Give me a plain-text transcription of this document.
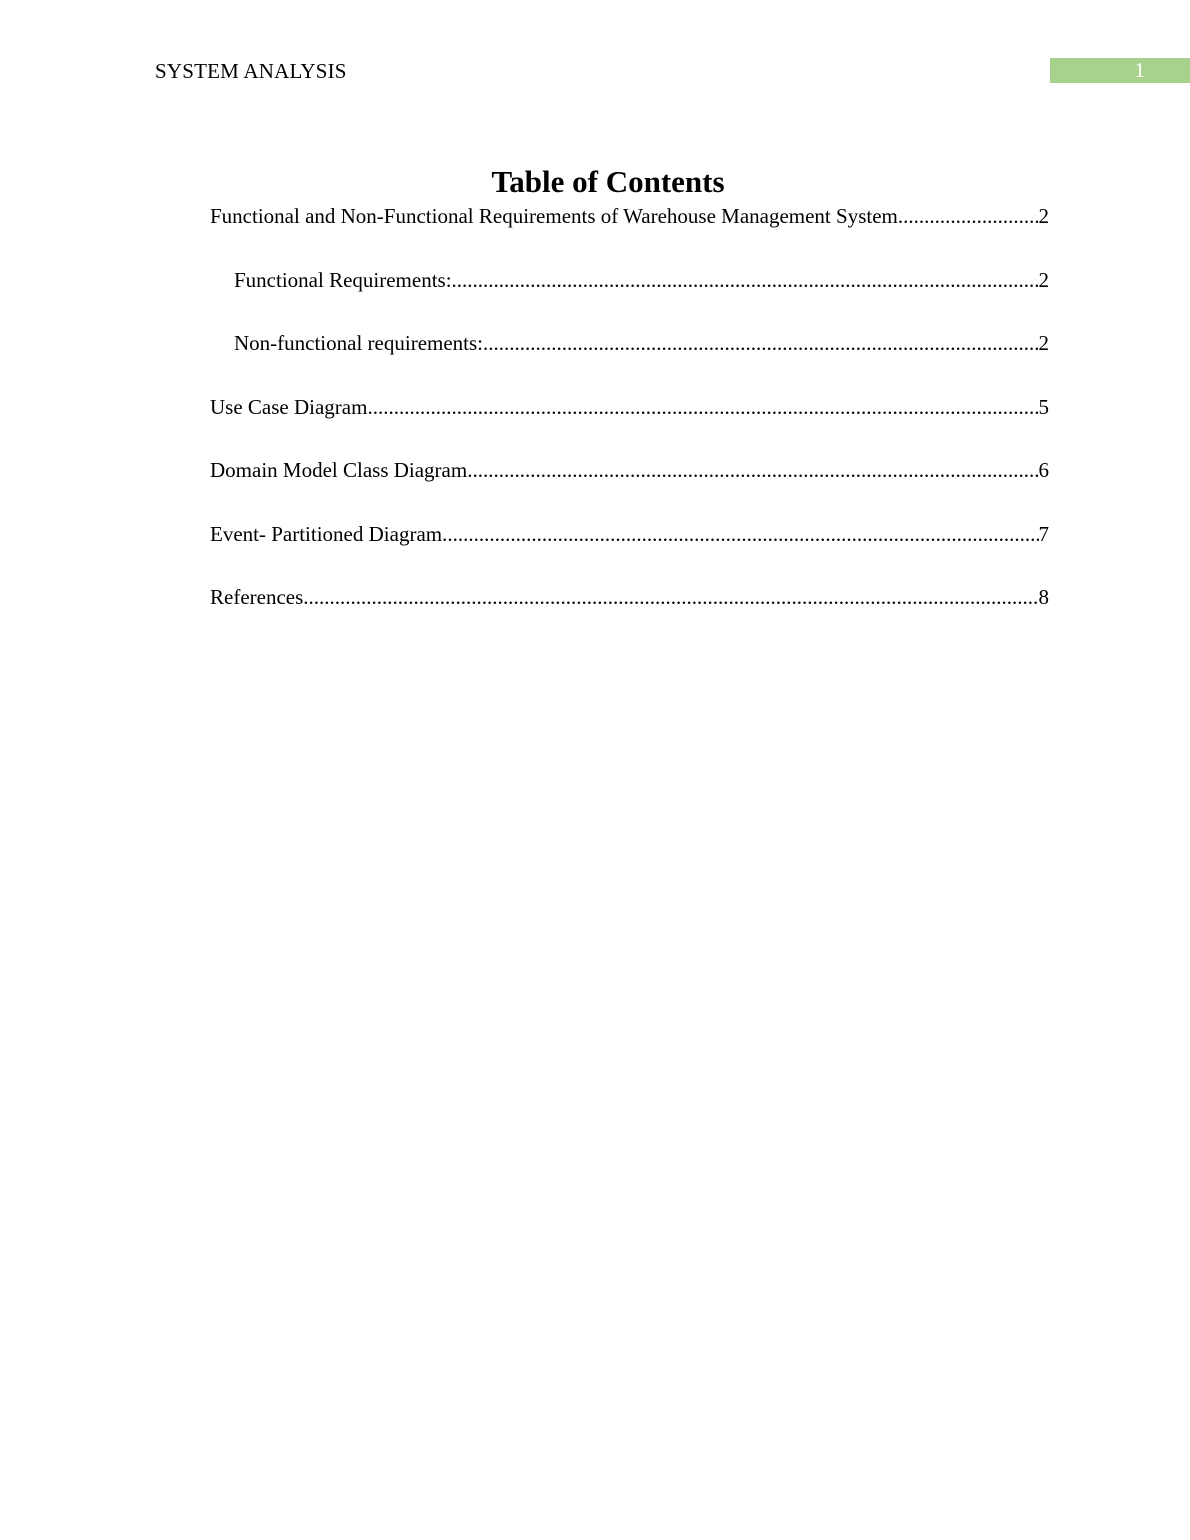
SYSTEM ANALYSIS	1
Table of Contents
Functional and Non-Functional Requirements of Warehouse Management System .....	2
Functional Requirements: .....	2
Non-functional requirements: .....	2
Use Case Diagram .....	5
Domain Model Class Diagram .....	6
Event- Partitioned Diagram .....	7
References .....	8
